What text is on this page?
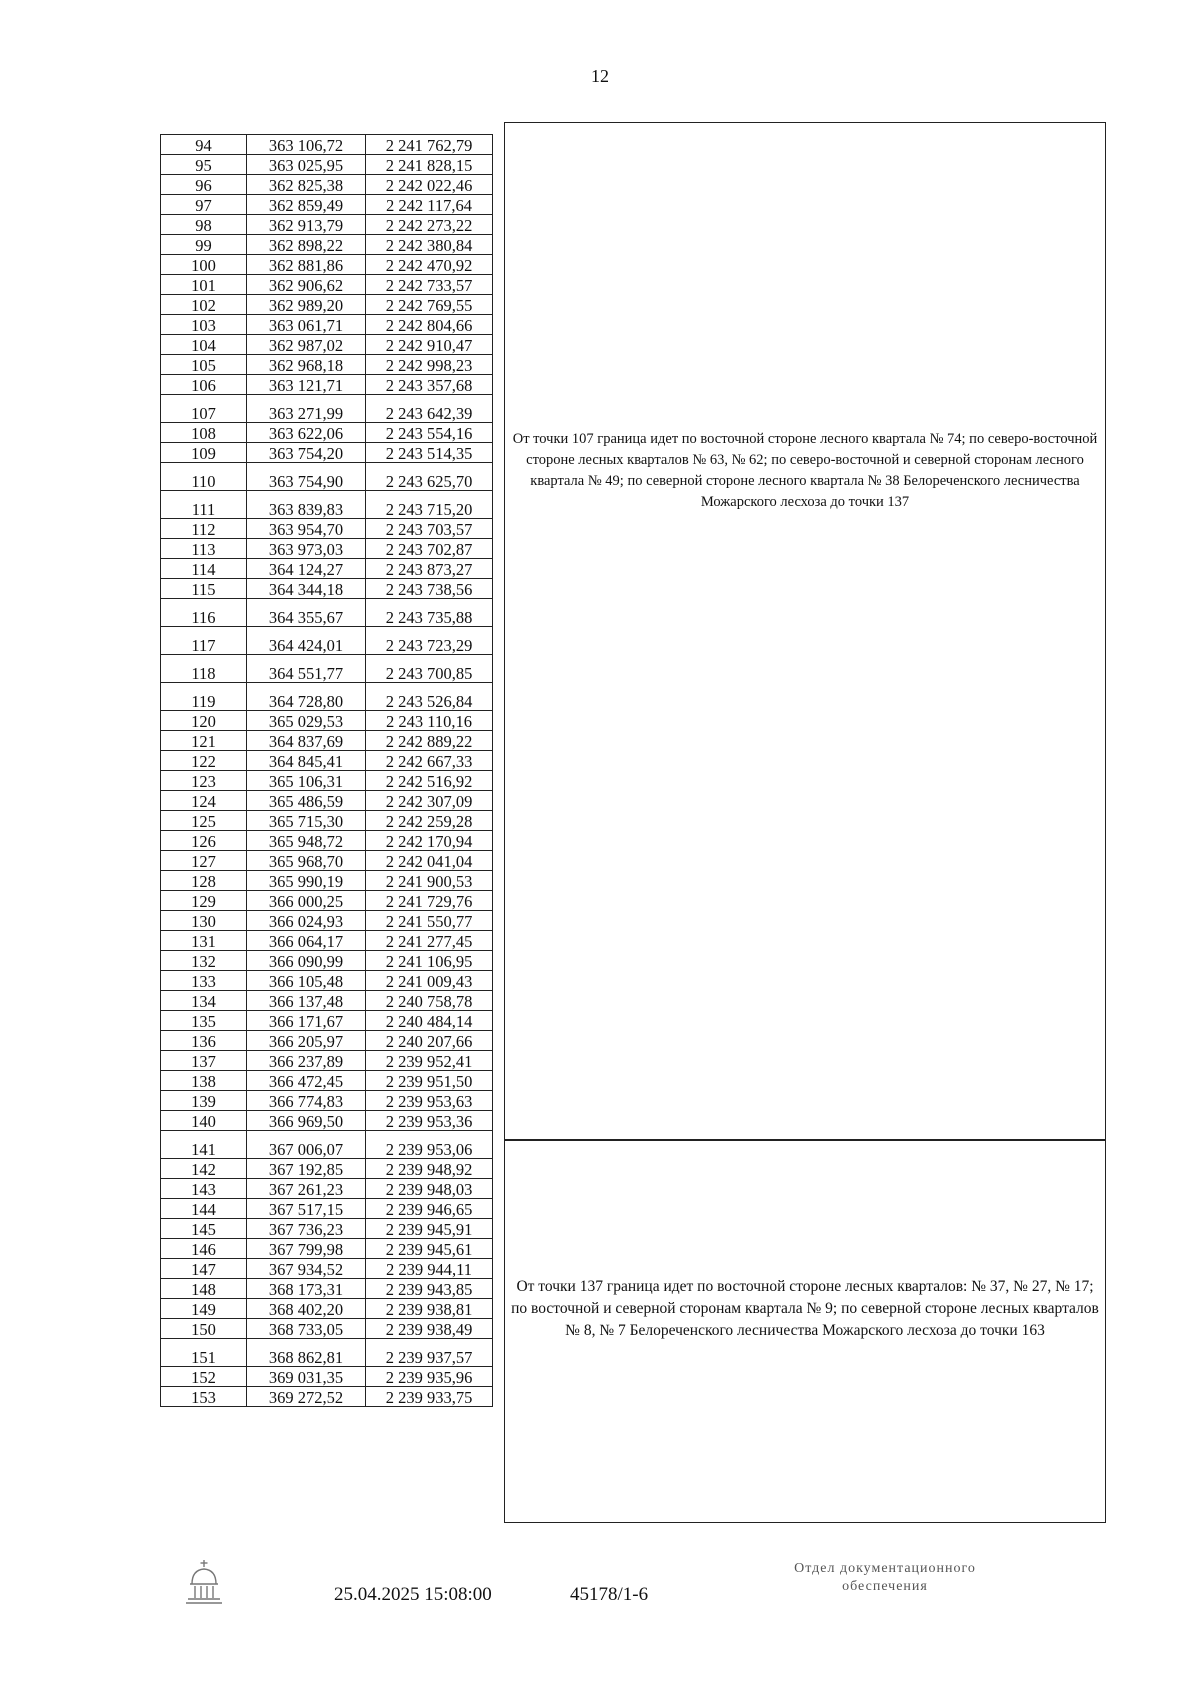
12
94	363 106,72	2 241 762,79
95	363 025,95	2 241 828,15
96	362 825,38	2 242 022,46
97	362 859,49	2 242 117,64
98	362 913,79	2 242 273,22
99	362 898,22	2 242 380,84
100	362 881,86	2 242 470,92
101	362 906,62	2 242 733,57
102	362 989,20	2 242 769,55
103	363 061,71	2 242 804,66
104	362 987,02	2 242 910,47
105	362 968,18	2 242 998,23
106	363 121,71	2 243 357,68
107	363 271,99	2 243 642,39
108	363 622,06	2 243 554,16
109	363 754,20	2 243 514,35
110	363 754,90	2 243 625,70
111	363 839,83	2 243 715,20
112	363 954,70	2 243 703,57
113	363 973,03	2 243 702,87
114	364 124,27	2 243 873,27
115	364 344,18	2 243 738,56
116	364 355,67	2 243 735,88
117	364 424,01	2 243 723,29
118	364 551,77	2 243 700,85
119	364 728,80	2 243 526,84
120	365 029,53	2 243 110,16
121	364 837,69	2 242 889,22
122	364 845,41	2 242 667,33
123	365 106,31	2 242 516,92
124	365 486,59	2 242 307,09
125	365 715,30	2 242 259,28
126	365 948,72	2 242 170,94
127	365 968,70	2 242 041,04
128	365 990,19	2 241 900,53
129	366 000,25	2 241 729,76
130	366 024,93	2 241 550,77
131	366 064,17	2 241 277,45
132	366 090,99	2 241 106,95
133	366 105,48	2 241 009,43
134	366 137,48	2 240 758,78
135	366 171,67	2 240 484,14
136	366 205,97	2 240 207,66
137	366 237,89	2 239 952,41
138	366 472,45	2 239 951,50
139	366 774,83	2 239 953,63
140	366 969,50	2 239 953,36
141	367 006,07	2 239 953,06
142	367 192,85	2 239 948,92
143	367 261,23	2 239 948,03
144	367 517,15	2 239 946,65
145	367 736,23	2 239 945,91
146	367 799,98	2 239 945,61
147	367 934,52	2 239 944,11
148	368 173,31	2 239 943,85
149	368 402,20	2 239 938,81
150	368 733,05	2 239 938,49
151	368 862,81	2 239 937,57
152	369 031,35	2 239 935,96
153	369 272,52	2 239 933,75
От точки 107 граница идет по восточной стороне лесного квартала № 74; по северо-восточной стороне лесных кварталов № 63, № 62; по северо-восточной и северной сторонам лесного квартала № 49; по северной стороне лесного квартала № 38 Белореченского лесничества Можарского лесхоза до точки 137
От точки 137 граница идет по восточной стороне лесных кварталов: № 37, № 27, № 17; по восточной и северной сторонам квартала № 9; по северной стороне лесных кварталов № 8, № 7 Белореченского лесничества Можарского лесхоза до точки 163
25.04.2025 15:08:00	45178/1-6
Отдел документационного
обеспечения
